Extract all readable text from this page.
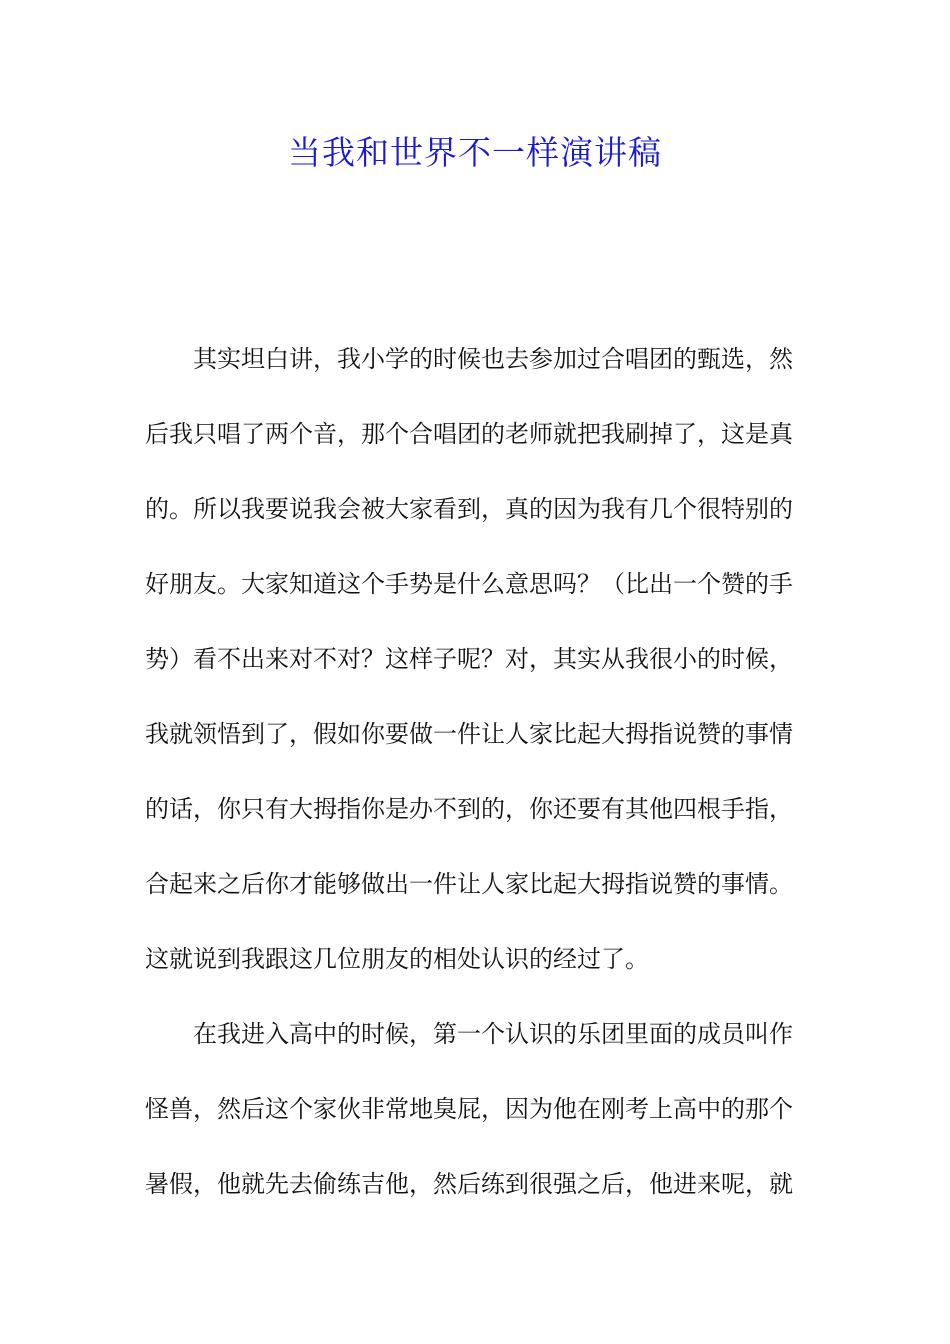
当我和世界不一样演讲稿
其实坦白讲，我小学的时候也去参加过合唱团的甄选，然
后我只唱了两个音，那个合唱团的老师就把我刷掉了，这是真
的。所以我要说我会被大家看到，真的因为我有几个很特别的
好朋友。大家知道这个手势是什么意思吗？（比出一个赞的手
势）看不出来对不对？这样子呢？对，其实从我很小的时候，
我就领悟到了，假如你要做一件让人家比起大拇指说赞的事情
的话，你只有大拇指你是办不到的，你还要有其他四根手指，
合起来之后你才能够做出一件让人家比起大拇指说赞的事情。
这就说到我跟这几位朋友的相处认识的经过了。
在我进入高中的时候，第一个认识的乐团里面的成员叫作
怪兽，然后这个家伙非常地臭屁，因为他在刚考上高中的那个
暑假，他就先去偷练吉他，然后练到很强之后，他进来呢，就
